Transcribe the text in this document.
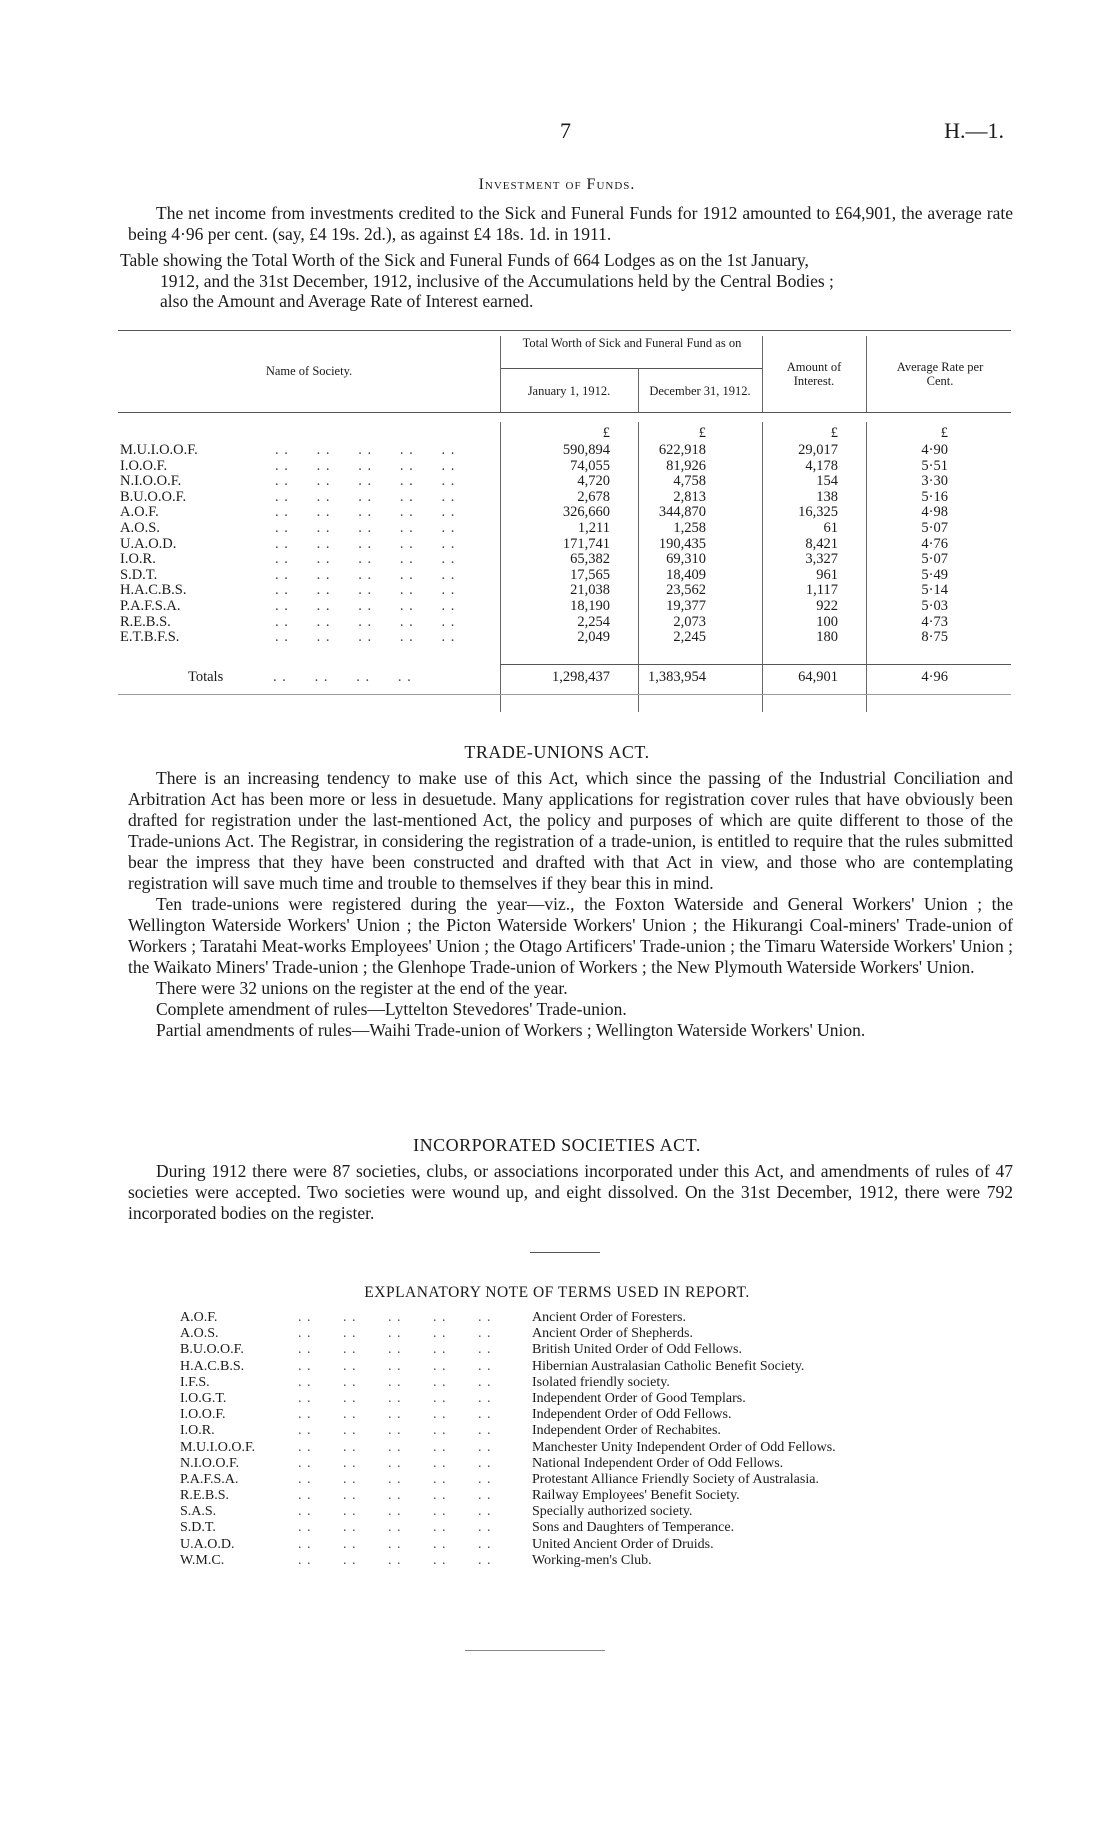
7	H.—1.
Investment of Funds.

The net income from investments credited to the Sick and Funeral Funds for 1912 amounted to £64,901, the average rate being 4·96 per cent. (say, £4 19s. 2d.), as against £4 18s. 1d. in 1911.

Table showing the Total Worth of the Sick and Funeral Funds of 664 Lodges as on the 1st January,
1912, and the 31st December, 1912, inclusive of the Accumulations held by the Central Bodies ;
also the Amount and Average Rate of Interest earned.
Name of Society.
Total Worth of Sick and Funeral Fund as on
January 1, 1912.	December 31, 1912.
Amount of Interest.
Average Rate per Cent.
£	£	£	£
M.U.I.O.O.F.	. .      . .      . .      . .      . .	590,894	622,918	29,017	4·90
I.O.O.F.	. .      . .      . .      . .      . .	74,055	81,926	4,178	5·51
N.I.O.O.F.	. .      . .      . .      . .      . .	4,720	4,758	154	3·30
B.U.O.O.F.	. .      . .      . .      . .      . .	2,678	2,813	138	5·16
A.O.F.	. .      . .      . .      . .      . .	326,660	344,870	16,325	4·98
A.O.S.	. .      . .      . .      . .      . .	1,211	1,258	61	5·07
U.A.O.D.	. .      . .      . .      . .      . .	171,741	190,435	8,421	4·76
I.O.R.	. .      . .      . .      . .      . .	65,382	69,310	3,327	5·07
S.D.T.	. .      . .      . .      . .      . .	17,565	18,409	961	5·49
H.A.C.B.S.	. .      . .      . .      . .      . .	21,038	23,562	1,117	5·14
P.A.F.S.A.	. .      . .      . .      . .      . .	18,190	19,377	922	5·03
R.E.B.S.	. .      . .      . .      . .      . .	2,254	2,073	100	4·73
E.T.B.F.S.	. .      . .      . .      . .      . .	2,049	2,245	180	8·75
Totals	. .      . .      . .      . .	1,298,437	1,383,954	64,901	4·96
TRADE-UNIONS ACT.

There is an increasing tendency to make use of this Act, which since the passing of the Industrial Conciliation and Arbitration Act has been more or less in desuetude. Many applications for registration cover rules that have obviously been drafted for registration under the last-mentioned Act, the policy and purposes of which are quite different to those of the Trade-unions Act. The Registrar, in considering the registration of a trade-union, is entitled to require that the rules submitted bear the impress that they have been constructed and drafted with that Act in view, and those who are contemplating registration will save much time and trouble to themselves if they bear this in mind.

Ten trade-unions were registered during the year—viz., the Foxton Waterside and General Workers' Union ; the Wellington Waterside Workers' Union ; the Picton Waterside Workers' Union ; the Hikurangi Coal-miners' Trade-union of Workers ; Taratahi Meat-works Employees' Union ; the Otago Artificers' Trade-union ; the Timaru Waterside Workers' Union ; the Waikato Miners' Trade-union ; the Glenhope Trade-union of Workers ; the New Plymouth Waterside Workers' Union.

There were 32 unions on the register at the end of the year.

Complete amendment of rules—Lyttelton Stevedores' Trade-union.

Partial amendments of rules—Waihi Trade-union of Workers ; Wellington Waterside Workers' Union.

INCORPORATED SOCIETIES ACT.

During 1912 there were 87 societies, clubs, or associations incorporated under this Act, and amendments of rules of 47 societies were accepted. Two societies were wound up, and eight dissolved. On the 31st December, 1912, there were 792 incorporated bodies on the register.

EXPLANATORY NOTE OF TERMS USED IN REPORT.
A.O.F.	. .       . .       . .       . .       . .	Ancient Order of Foresters.
A.O.S.	. .       . .       . .       . .       . .	Ancient Order of Shepherds.
B.U.O.O.F.	. .       . .       . .       . .       . .	British United Order of Odd Fellows.
H.A.C.B.S.	. .       . .       . .       . .       . .	Hibernian Australasian Catholic Benefit Society.
I.F.S.	. .       . .       . .       . .       . .	Isolated friendly society.
I.O.G.T.	. .       . .       . .       . .       . .	Independent Order of Good Templars.
I.O.O.F.	. .       . .       . .       . .       . .	Independent Order of Odd Fellows.
I.O.R.	. .       . .       . .       . .       . .	Independent Order of Rechabites.
M.U.I.O.O.F.	. .       . .       . .       . .       . .	Manchester Unity Independent Order of Odd Fellows.
N.I.O.O.F.	. .       . .       . .       . .       . .	National Independent Order of Odd Fellows.
P.A.F.S.A.	. .       . .       . .       . .       . .	Protestant Alliance Friendly Society of Australasia.
R.E.B.S.	. .       . .       . .       . .       . .	Railway Employees' Benefit Society.
S.A.S.	. .       . .       . .       . .       . .	Specially authorized society.
S.D.T.	. .       . .       . .       . .       . .	Sons and Daughters of Temperance.
U.A.O.D.	. .       . .       . .       . .       . .	United Ancient Order of Druids.
W.M.C.	. .       . .       . .       . .       . .	Working-men's Club.
